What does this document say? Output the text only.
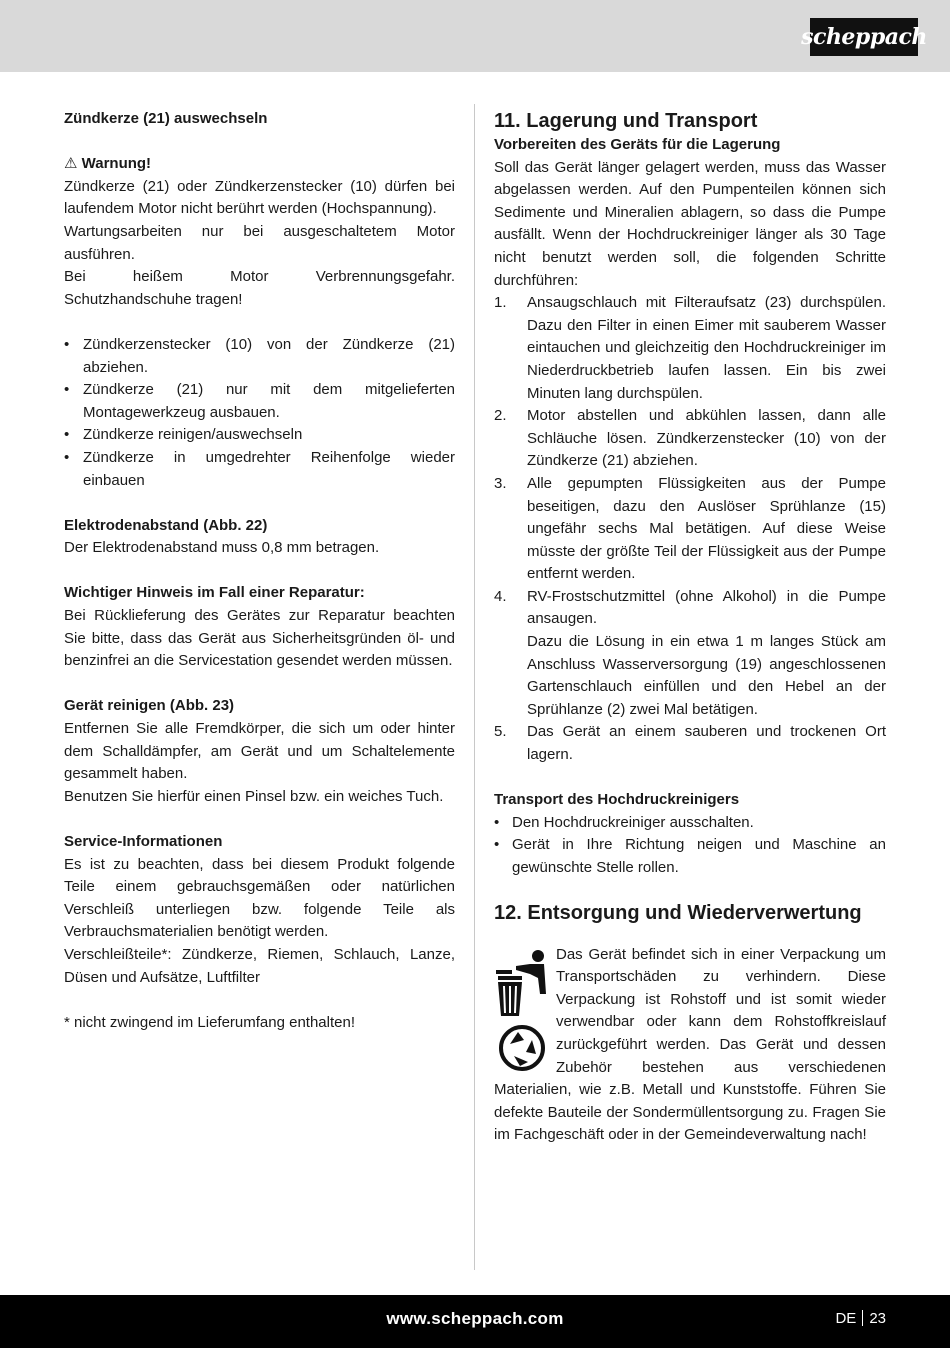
scheppach

Zündkerze (21) auswechseln

⚠ Warnung!

Zündkerze (21) oder Zündkerzenstecker (10) dürfen bei laufendem Motor nicht berührt werden (Hochspannung).

Wartungsarbeiten nur bei ausgeschaltetem Motor ausführen.

Bei heißem Motor Verbrennungsgefahr. Schutzhandschuhe tragen!

• Zündkerzenstecker (10) von der Zündkerze (21) abziehen.
• Zündkerze (21) nur mit dem mitgelieferten Montagewerkzeug ausbauen.
• Zündkerze reinigen/auswechseln
• Zündkerze in umgedrehter Reihenfolge wieder einbauen

Elektrodenabstand (Abb. 22)

Der Elektrodenabstand muss 0,8 mm betragen.

Wichtiger Hinweis im Fall einer Reparatur:

Bei Rücklieferung des Gerätes zur Reparatur beachten Sie bitte, dass das Gerät aus Sicherheitsgründen öl- und benzinfrei an die Servicestation gesendet werden müssen.

Gerät reinigen (Abb. 23)

Entfernen Sie alle Fremdkörper, die sich um oder hinter dem Schalldämpfer, am Gerät und um Schaltelemente gesammelt haben.

Benutzen Sie hierfür einen Pinsel bzw. ein weiches Tuch.

Service-Informationen

Es ist zu beachten, dass bei diesem Produkt folgende Teile einem gebrauchsgemäßen oder natürlichen Verschleiß unterliegen bzw. folgende Teile als Verbrauchsmaterialien benötigt werden.

Verschleißteile*: Zündkerze, Riemen, Schlauch, Lanze, Düsen und Aufsätze, Luftfilter

* nicht zwingend im Lieferumfang enthalten!

11. Lagerung und Transport

Vorbereiten des Geräts für die Lagerung

Soll das Gerät länger gelagert werden, muss das Wasser abgelassen werden. Auf den Pumpenteilen können sich Sedimente und Mineralien ablagern, so dass die Pumpe ausfällt. Wenn der Hochdruckreiniger länger als 30 Tage nicht benutzt werden soll, die folgenden Schritte durchführen:

1. Ansaugschlauch mit Filteraufsatz (23) durchspülen. Dazu den Filter in einen Eimer mit sauberem Wasser eintauchen und gleichzeitig den Hochdruckreiniger im Niederdruckbetrieb laufen lassen. Ein bis zwei Minuten lang durchspülen.
2. Motor abstellen und abkühlen lassen, dann alle Schläuche lösen. Zündkerzenstecker (10) von der Zündkerze (21) abziehen.
3. Alle gepumpten Flüssigkeiten aus der Pumpe beseitigen, dazu den Auslöser Sprühlanze (15) ungefähr sechs Mal betätigen. Auf diese Weise müsste der größte Teil der Flüssigkeit aus der Pumpe entfernt werden.
4. RV-Frostschutzmittel (ohne Alkohol) in die Pumpe ansaugen.
Dazu die Lösung in ein etwa 1 m langes Stück am Anschluss Wasserversorgung (19) angeschlossenen Gartenschlauch einfüllen und den Hebel an der Sprühlanze (2) zwei Mal betätigen.
5. Das Gerät an einem sauberen und trockenen Ort lagern.

Transport des Hochdruckreinigers

• Den Hochdruckreiniger ausschalten.
• Gerät in Ihre Richtung neigen und Maschine an gewünschte Stelle rollen.

12. Entsorgung und Wiederverwertung

Das Gerät befindet sich in einer Verpackung um Transportschäden zu verhindern. Diese Verpackung ist Rohstoff und ist somit wieder verwendbar oder kann dem Rohstoffkreislauf zurückgeführt werden. Das Gerät und dessen Zubehör bestehen aus verschiedenen Materialien, wie z.B. Metall und Kunststoffe. Führen Sie defekte Bauteile der Sondermüllentsorgung zu. Fragen Sie im Fachgeschäft oder in der Gemeindeverwaltung nach!

www.scheppach.com	DE 23
